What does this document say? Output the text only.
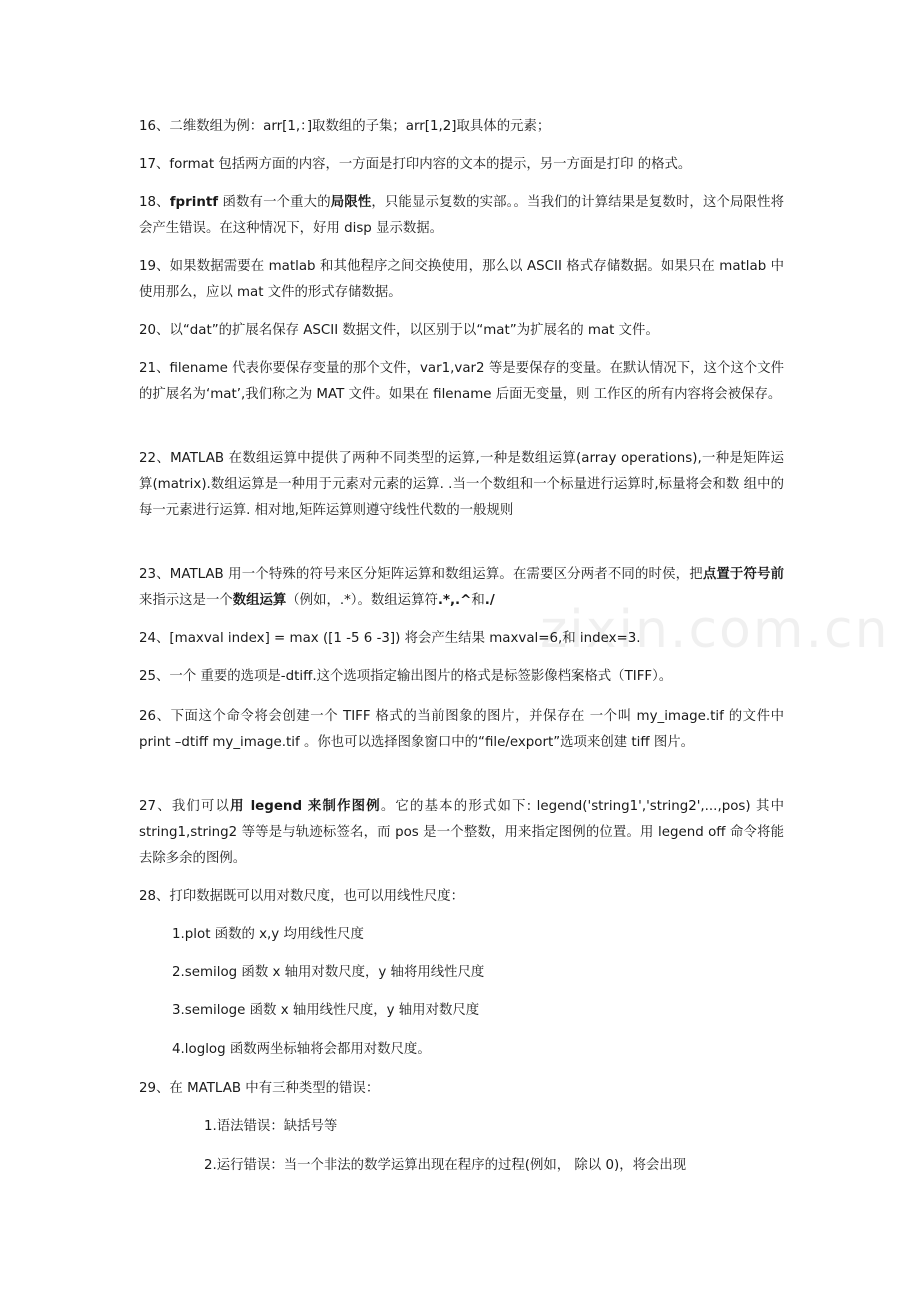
zixin.com.cn

16、二维数组为例：arr[1,：]取数组的子集；arr[1,2]取具体的元素；

17、format 包括两方面的内容，一方面是打印内容的文本的提示，另一方面是打印 的格式。

18、fprintf 函数有一个重大的局限性，只能显示复数的实部。。当我们的计算结果是复数时，这个局限性将会产生错误。在这种情况下，好用 disp 显示数据。

19、如果数据需要在 matlab 和其他程序之间交换使用，那么以 ASCII 格式存储数据。如果只在 matlab 中使用那么，应以 mat 文件的形式存储数据。

20、以“dat”的扩展名保存 ASCII 数据文件，以区别于以“mat”为扩展名的 mat 文件。

21、filename 代表你要保存变量的那个文件，var1,var2 等是要保存的变量。在默认情况下，这个这个文件的扩展名为‘mat’,我们称之为 MAT 文件。如果在 filename 后面无变量，则 工作区的所有内容将会被保存。

22、MATLAB 在数组运算中提供了两种不同类型的运算,一种是数组运算(array operations),一种是矩阵运算(matrix).数组运算是一种用于元素对元素的运算. .当一个数组和一个标量进行运算时,标量将会和数 组中的每一元素进行运算. 相对地,矩阵运算则遵守线性代数的一般规则

23、MATLAB 用一个特殊的符号来区分矩阵运算和数组运算。在需要区分两者不同的时侯，把点置于符号前来指示这是一个数组运算（例如，.*）。数组运算符.*,.^和./

24、[maxval index] = max ([1 -5 6 -3]) 将会产生结果 maxval=6,和 index=3.

25、一个 重要的选项是-dtiff.这个选项指定输出图片的格式是标签影像档案格式（TIFF）。

26、下面这个命令将会创建一个 TIFF 格式的当前图象的图片，并保存在 一个叫 my_image.tif 的文件中 print –dtiff my_image.tif 。你也可以选择图象窗口中的“file/export”选项来创建 tiff 图片。

27、我们可以用 legend 来制作图例。它的基本的形式如下: legend('string1','string2',...,pos) 其中 string1,string2 等等是与轨迹标签名，而 pos 是一个整数，用来指定图例的位置。用 legend off 命令将能去除多余的图例。

28、打印数据既可以用对数尺度，也可以用线性尺度：

1.plot 函数的 x,y 均用线性尺度

2.semilog 函数 x 轴用对数尺度，y 轴将用线性尺度

3.semiloge 函数 x 轴用线性尺度，y 轴用对数尺度

4.loglog 函数两坐标轴将会都用对数尺度。

29、在 MATLAB 中有三种类型的错误：

1.语法错误：缺括号等

2.运行错误：当一个非法的数学运算出现在程序的过程(例如， 除以 0)，将会出现
